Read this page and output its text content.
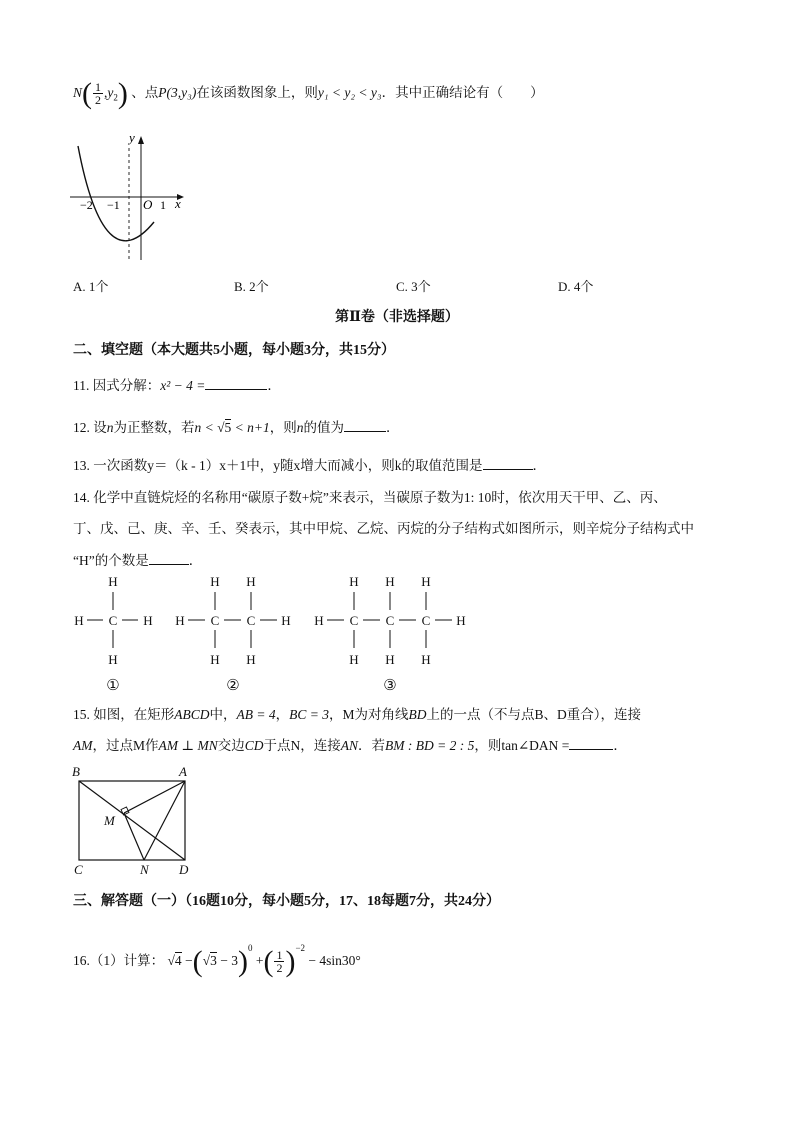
$N( \frac{1}{2} ,y_2)$ 、点P(3,y₃)在该函数图象上，则y₁ < y₂ < y₃．其中正确结论有（　　）
y
x
O
−2 −1	1
A. 1个	B. 2个	C. 3个	D. 4个
第Ⅱ卷（非选择题）
二、填空题（本大题共5小题，每小题3分，共15分）
11. 因式分解：x² − 4 =	．
12. 设n为正整数，若n < √5 < n+1，则n的值为	．
13. 一次函数y＝（k - 1）x＋1中，y随x增大而减小，则k的取值范围是	．
14. 化学中直链烷烃的名称用“碳原子数+烷”来表示，当碳原子数为1: 10时，依次用天干甲、乙、丙、
丁、戊、己、庚、辛、壬、癸表示，其中甲烷、乙烷、丙烷的分子结构式如图所示，则辛烷分子结构式中
“H”的个数是	．
H
H C H
H
H H
H C C H
H H
H H H
H C C C H
H H H
①	②	③
15. 如图，在矩形ABCD中，AB = 4，BC = 3，M为对角线BD上的一点（不与点B、D重合），连接
AM，过点M作AM ⊥ MN交边CD于点N，连接AN．若BM : BD = 2 : 5，则tan∠DAN =	．
B	A
M
C	N D
三、解答题（一）（16题10分，每小题5分，17、18每题7分，共24分）
16.（1）计算： $√4 -(√3 - 3)^0$ +( $\frac{1}{2} )^{-2} - 4\sin 30^\circ$
